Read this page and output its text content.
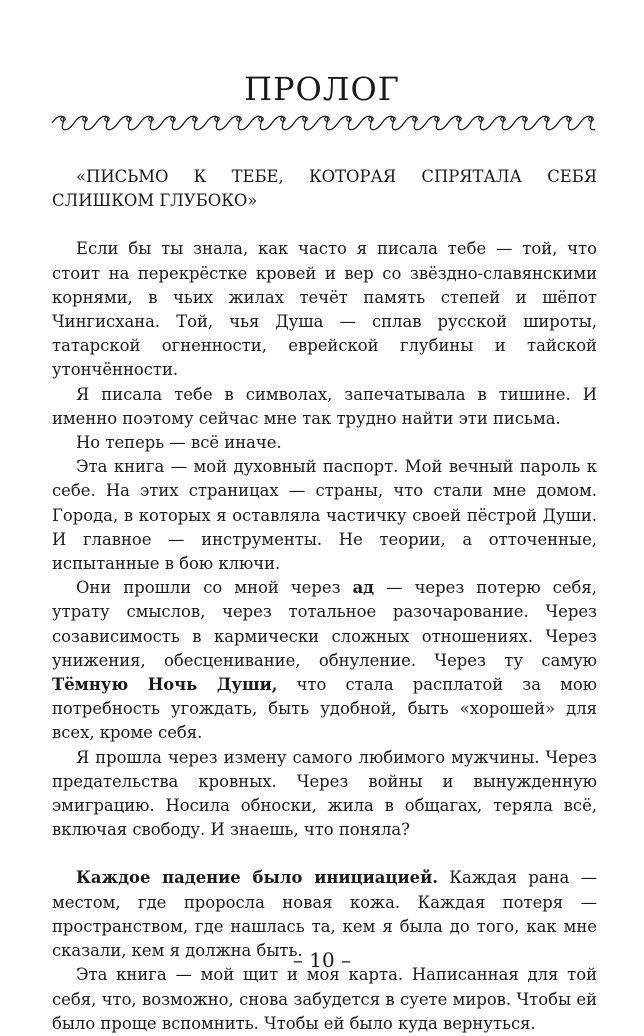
ПРОЛОГ

«ПИСЬМО К ТЕБЕ, КОТОРАЯ СПРЯТАЛА СЕБЯ СЛИШКОМ ГЛУБОКО»

Если бы ты знала, как часто я писала тебе — той, что стоит на перекрёстке кровей и вер со звёздно-славянскими корнями, в чьих жилах течёт память степей и шёпот Чингисхана. Той, чья Душа — сплав русской широты, татарской огненности, еврейской глубины и тайской утончённости.

Я писала тебе в символах, запечатывала в тишине. И именно поэтому сейчас мне так трудно найти эти письма.

Но теперь — всё иначе.

Эта книга — мой духовный паспорт. Мой вечный пароль к себе. На этих страницах — страны, что стали мне домом. Города, в которых я оставляла частичку своей пёстрой Души. И главное — инструменты. Не теории, а отточенные, испытанные в бою ключи.

Они прошли со мной через ад — через потерю себя, утрату смыслов, через тотальное разочарование. Через созависимость в кармически сложных отношениях. Через унижения, обесценивание, обнуление. Через ту самую Тёмную Ночь Души, что стала расплатой за мою потребность угождать, быть удобной, быть «хорошей» для всех, кроме себя.

Я прошла через измену самого любимого мужчины. Через предательства кровных. Через войны и вынужденную эмиграцию. Носила обноски, жила в общагах, теряла всё, включая свободу. И знаешь, что поняла?

Каждое падение было инициацией. Каждая рана — местом, где проросла новая кожа. Каждая потеря — пространством, где нашлась та, кем я была до того, как мне сказали, кем я должна быть.

Эта книга — мой щит и моя карта. Написанная для той себя, что, возможно, снова забудется в суете миров. Чтобы ей было проще вспомнить. Чтобы ей было куда вернуться.

– 10 –
